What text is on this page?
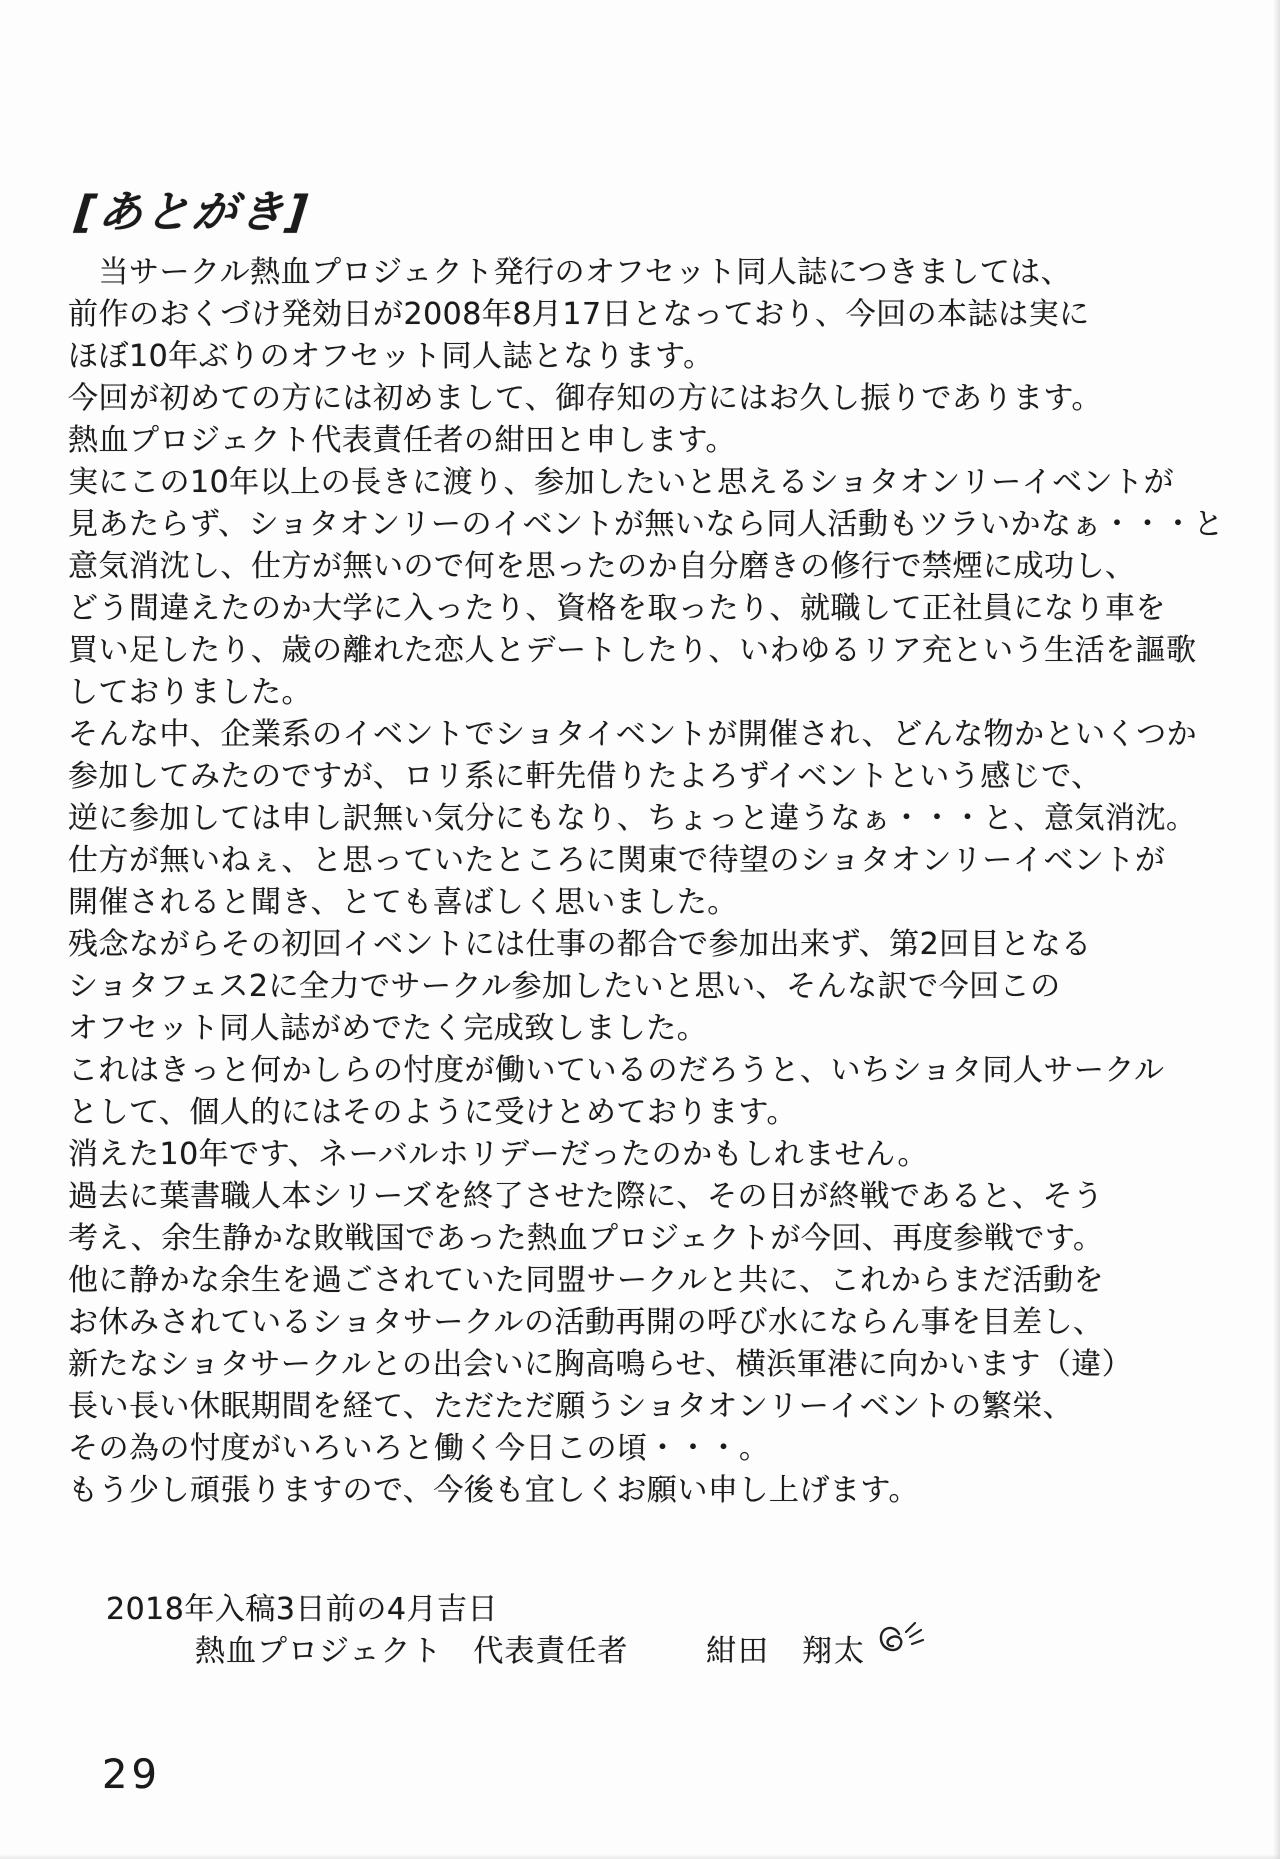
[あとがき]
　当サークル熱血プロジェクト発行のオフセット同人誌につきましては、
前作のおくづけ発効日が2008年8月17日となっており、今回の本誌は実に
ほぼ10年ぶりのオフセット同人誌となります。
今回が初めての方には初めまして、御存知の方にはお久し振りであります。
熱血プロジェクト代表責任者の紺田と申します。
実にこの10年以上の長きに渡り、参加したいと思えるショタオンリーイベントが
見あたらず、ショタオンリーのイベントが無いなら同人活動もツラいかなぁ・・・と
意気消沈し、仕方が無いので何を思ったのか自分磨きの修行で禁煙に成功し、
どう間違えたのか大学に入ったり、資格を取ったり、就職して正社員になり車を
買い足したり、歳の離れた恋人とデートしたり、いわゆるリア充という生活を謳歌
しておりました。
そんな中、企業系のイベントでショタイベントが開催され、どんな物かといくつか
参加してみたのですが、ロリ系に軒先借りたよろずイベントという感じで、
逆に参加しては申し訳無い気分にもなり、ちょっと違うなぁ・・・と、意気消沈。
仕方が無いねぇ、と思っていたところに関東で待望のショタオンリーイベントが
開催されると聞き、とても喜ばしく思いました。
残念ながらその初回イベントには仕事の都合で参加出来ず、第2回目となる
ショタフェス2に全力でサークル参加したいと思い、そんな訳で今回この
オフセット同人誌がめでたく完成致しました。
これはきっと何かしらの忖度が働いているのだろうと、いちショタ同人サークル
として、個人的にはそのように受けとめております。
消えた10年です、ネーバルホリデーだったのかもしれません。
過去に葉書職人本シリーズを終了させた際に、その日が終戦であると、そう
考え、余生静かな敗戦国であった熱血プロジェクトが今回、再度参戦です。
他に静かな余生を過ごされていた同盟サークルと共に、これからまだ活動を
お休みされているショタサークルの活動再開の呼び水にならん事を目差し、
新たなショタサークルとの出会いに胸高鳴らせ、横浜軍港に向かいます（違）
長い長い休眠期間を経て、ただただ願うショタオンリーイベントの繁栄、
その為の忖度がいろいろと働く今日この頃・・・。
もう少し頑張りますので、今後も宜しくお願い申し上げます。
2018年入稿3日前の4月吉日
熱血プロジェクト　代表責任者	紺田　翔太
29
